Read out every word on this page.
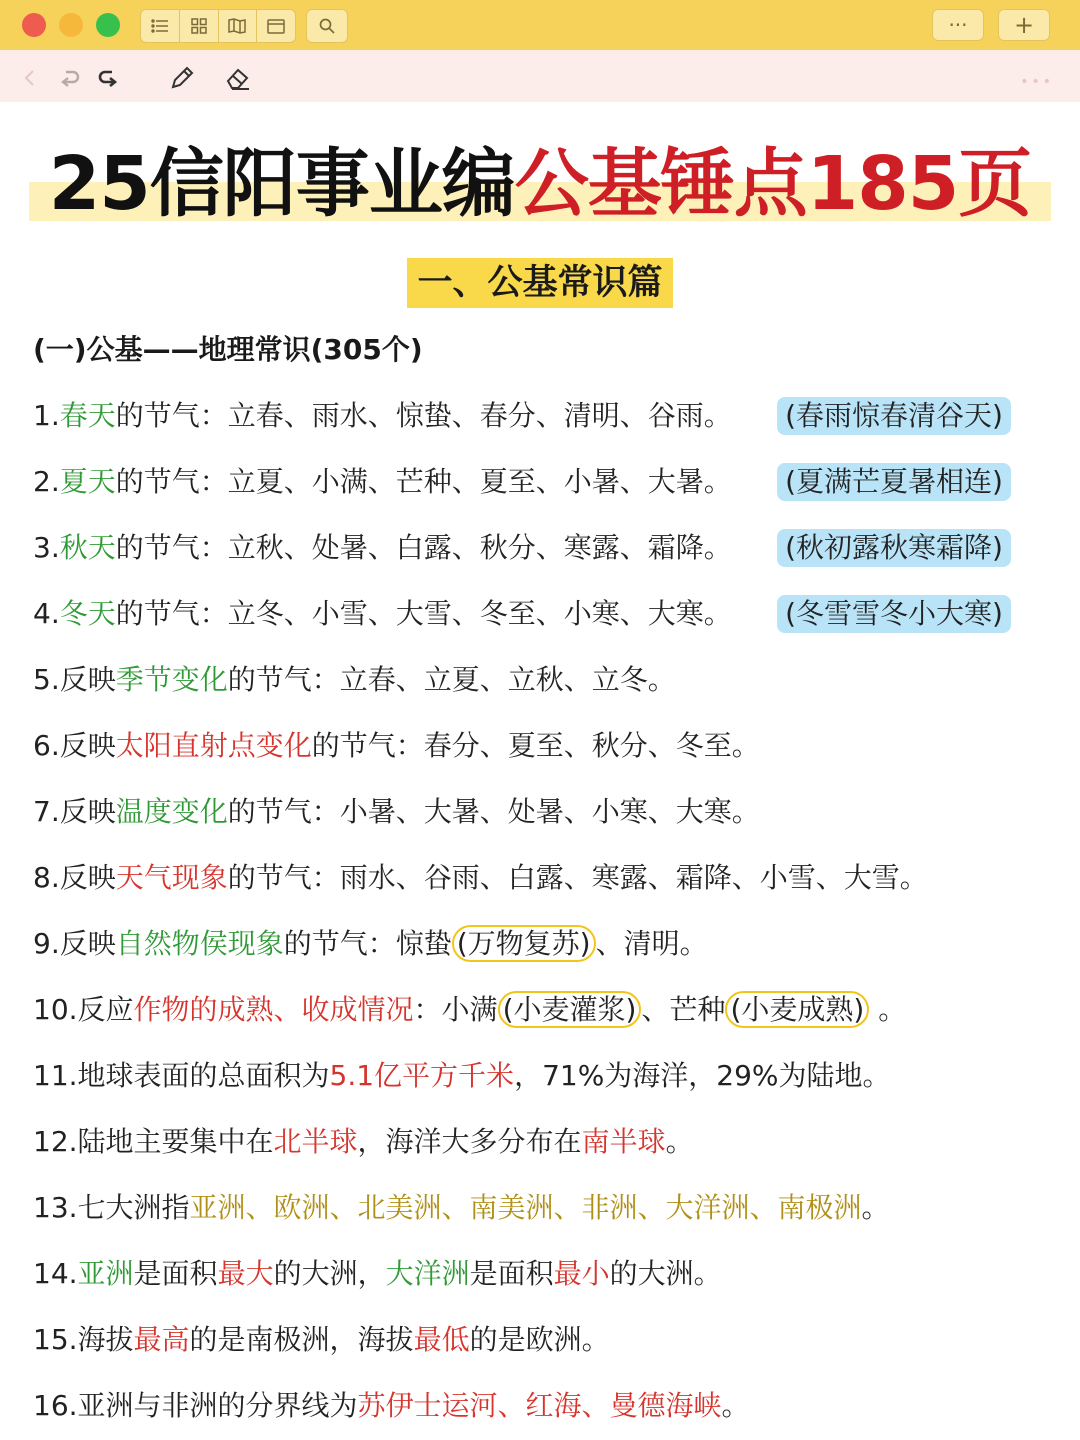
··· +
•••
25信阳事业编公基锤点185页
一、公基常识篇
(一)公基——地理常识(305个)
1.春天的节气：立春、雨水、惊蛰、春分、清明、谷雨。 (春雨惊春清谷天)
2.夏天的节气：立夏、小满、芒种、夏至、小暑、大暑。 (夏满芒夏暑相连)
3.秋天的节气：立秋、处暑、白露、秋分、寒露、霜降。 (秋初露秋寒霜降)
4.冬天的节气：立冬、小雪、大雪、冬至、小寒、大寒。 (冬雪雪冬小大寒)
5.反映季节变化的节气：立春、立夏、立秋、立冬。
6.反映太阳直射点变化的节气：春分、夏至、秋分、冬至。
7.反映温度变化的节气：小暑、大暑、处暑、小寒、大寒。
8.反映天气现象的节气：雨水、谷雨、白露、寒露、霜降、小雪、大雪。
9.反映自然物侯现象的节气：惊蛰 (万物复苏) 、清明。
10.反应作物的成熟、收成情况：小满 (小麦灌浆) 、芒种 (小麦成熟) 。
11.地球表面的总面积为5.1亿平方千米，71%为海洋，29%为陆地。
12.陆地主要集中在北半球，海洋大多分布在南半球。
13.七大洲指亚洲、欧洲、北美洲、南美洲、非洲、大洋洲、南极洲。
14.亚洲是面积最大的大洲，大洋洲是面积最小的大洲。
15.海拔最高的是南极洲，海拔最低的是欧洲。
16.亚洲与非洲的分界线为苏伊士运河、红海、曼德海峡。
